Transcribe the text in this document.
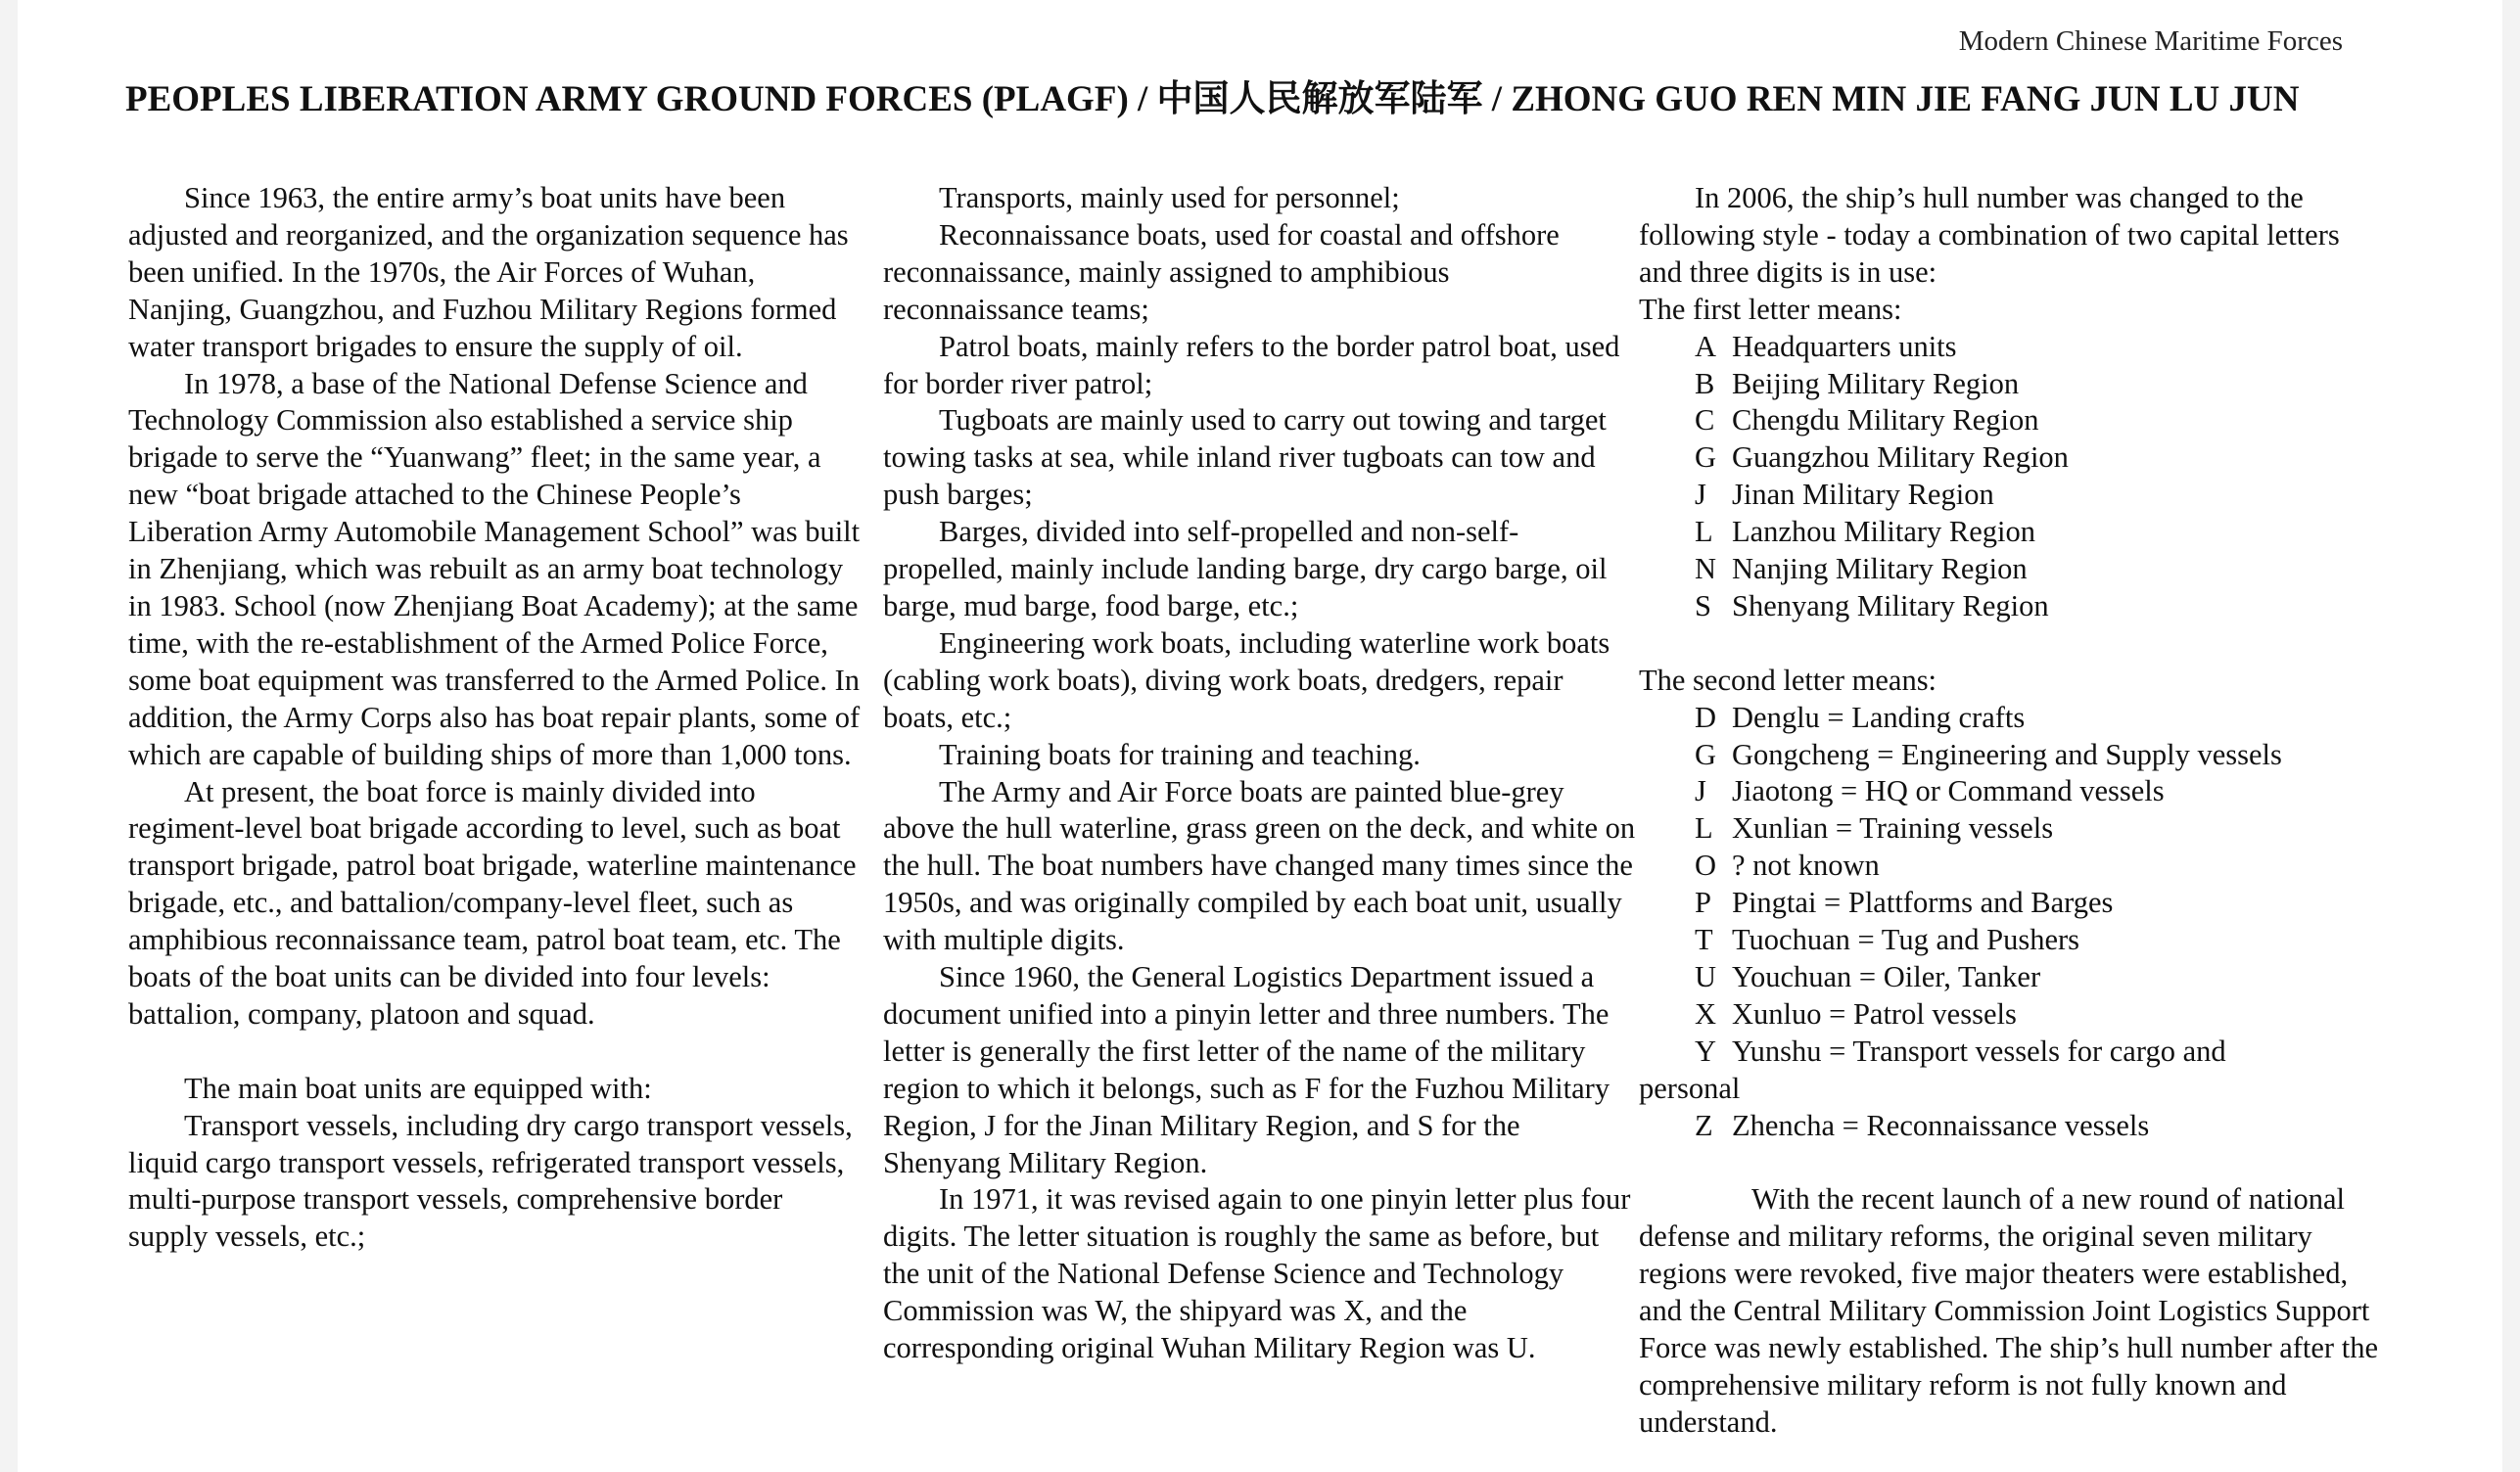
Modern Chinese Maritime Forces
PEOPLES LIBERATION ARMY GROUND FORCES (PLAGF) / 中国人民解放军陆军 / ZHONG GUO REN MIN JIE FANG JUN LU JUN

Since 1963, the entire army’s boat units have been adjusted and reorganized, and the organization sequence has been unified. In the 1970s, the Air Forces of Wuhan, Nanjing, Guangzhou, and Fuzhou Military Regions formed water transport brigades to ensure the supply of oil.

In 1978, a base of the National Defense Science and Technology Commission also established a service ship brigade to serve the “Yuanwang” fleet; in the same year, a new “boat brigade attached to the Chinese People’s Liberation Army Automobile Management School” was built in Zhenjiang, which was rebuilt as an army boat technology in 1983. School (now Zhenjiang Boat Academy); at the same time, with the re-establishment of the Armed Police Force, some boat equipment was transferred to the Armed Police. In addition, the Army Corps also has boat repair plants, some of which are capable of building ships of more than 1,000 tons.

At present, the boat force is mainly divided into regiment-level boat brigade according to level, such as boat transport brigade, patrol boat brigade, waterline maintenance brigade, etc., and battalion/company-level fleet, such as amphibious reconnaissance team, patrol boat team, etc. The boats of the boat units can be divided into four levels: battalion, company, platoon and squad.

The main boat units are equipped with:

Transport vessels, including dry cargo transport vessels, liquid cargo transport vessels, refrigerated transport vessels, multi-purpose transport vessels, comprehensive border supply vessels, etc.;

Transports, mainly used for personnel;

Reconnaissance boats, used for coastal and offshore reconnaissance, mainly assigned to amphibious reconnaissance teams;

Patrol boats, mainly refers to the border patrol boat, used for border river patrol;

Tugboats are mainly used to carry out towing and target towing tasks at sea, while inland river tugboats can tow and push barges;

Barges, divided into self-propelled and non-self-propelled, mainly include landing barge, dry cargo barge, oil barge, mud barge, food barge, etc.;

Engineering work boats, including waterline work boats (cabling work boats), diving work boats, dredgers, repair boats, etc.;

Training boats for training and teaching.

The Army and Air Force boats are painted blue-grey above the hull waterline, grass green on the deck, and white on the hull. The boat numbers have changed many times since the 1950s, and was originally compiled by each boat unit, usually with multiple digits.

Since 1960, the General Logistics Department issued a document unified into a pinyin letter and three numbers. The letter is generally the first letter of the name of the military region to which it belongs, such as F for the Fuzhou Military Region, J for the Jinan Military Region, and S for the Shenyang Military Region.

In 1971, it was revised again to one pinyin letter plus four digits. The letter situation is roughly the same as before, but the unit of the National Defense Science and Technology Commission was W, the shipyard was X, and the corresponding original Wuhan Military Region was U.

In 2006, the ship’s hull number was changed to the following style - today a combination of two capital letters and three digits is in use:

The first letter means:

A Headquarters units
B Beijing Military Region
C Chengdu Military Region
G Guangzhou Military Region
J Jinan Military Region
L Lanzhou Military Region
N Nanjing Military Region
S Shenyang Military Region

The second letter means:

D Denglu = Landing crafts
G Gongcheng = Engineering and Supply vessels
J Jiaotong = HQ or Command vessels
L Xunlian = Training vessels
O ? not known
P Pingtai = Plattforms and Barges
T Tuochuan = Tug and Pushers
U Youchuan = Oiler, Tanker
X Xunluo = Patrol vessels
Y Yunshu = Transport vessels for cargo and

personal

Z Zhencha = Reconnaissance vessels

With the recent launch of a new round of national defense and military reforms, the original seven military regions were revoked, five major theaters were established, and the Central Military Commission Joint Logistics Support Force was newly established. The ship’s hull number after the comprehensive military reform is not fully known and understand.
